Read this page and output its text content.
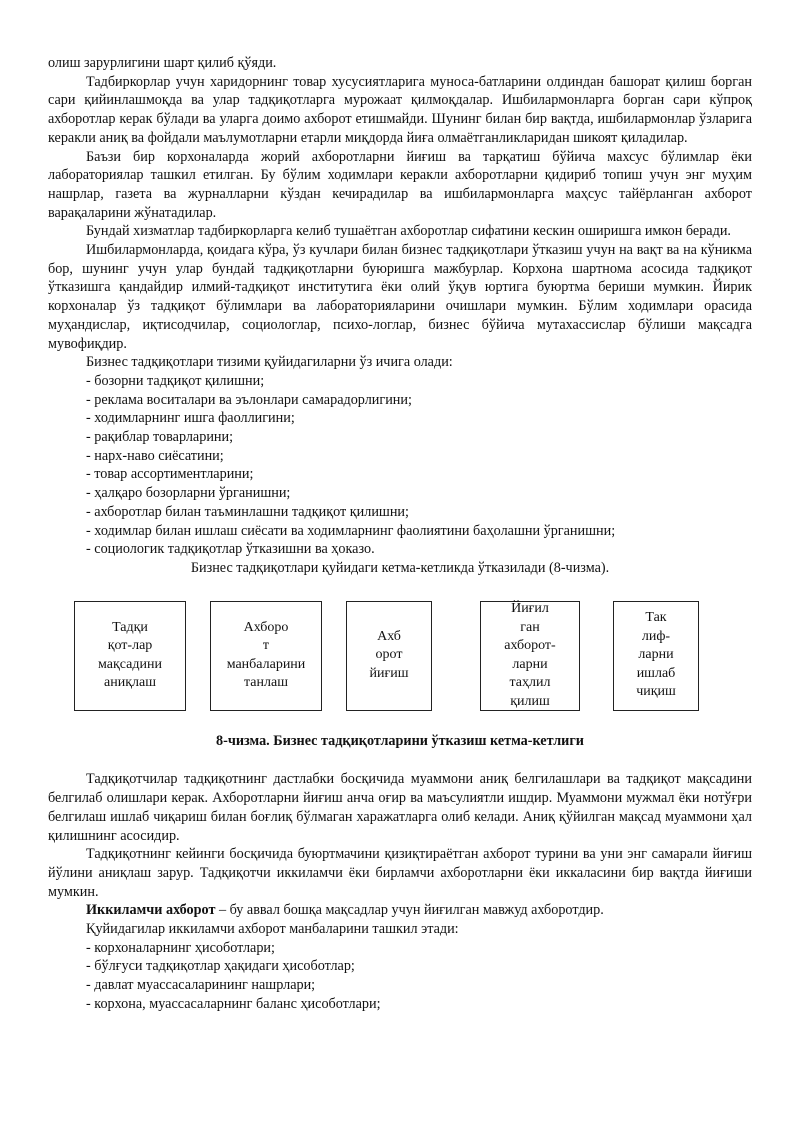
олиш зарурлигини шарт қилиб қўяди.

Тадбиркорлар учун харидорнинг товар хусусиятларига муноса-батларини олдиндан башорат қилиш борган сари қийинлашмоқда ва улар тадқиқотларга мурожаат қилмоқдалар. Ишбилармонларга борган сари кўпроқ ахборотлар керак бўлади ва уларга доимо ахборот етишмайди. Шунинг билан бир вақтда, ишбилармонлар ўзларига керакли аниқ ва фойдали маълумотларни етарли миқдорда йиға олмаётганликларидан шикоят қиладилар.

Баъзи бир корхоналарда жорий ахборотларни йиғиш ва тарқатиш бўйича махсус бўлимлар ёки лабораториялар ташкил етилган. Бу бўлим ходимлари керакли ахборотларни қидириб топиш учун энг муҳим нашрлар, газета ва журналларни кўздан кечирадилар ва ишбилармонларга маҳсус тайёрланган ахборот варақаларини жўнатадилар.

Бундай хизматлар тадбиркорларга келиб тушаётган ахборотлар сифатини кескин оширишга имкон беради.

Ишбилармонларда, қоидага кўра, ўз кучлари билан бизнес тадқиқотлари ўтказиш учун на вақт ва на кўникма бор, шунинг учун улар бундай тадқиқотларни буюришга мажбурлар. Корхона шартнома асосида тадқиқот ўтказишга қандайдир илмий-тадқиқот институтига ёки олий ўқув юртига буюртма бериши мумкин. Йирик корхоналар ўз тадқиқот бўлимлари ва лабораторияларини очишлари мумкин. Бўлим ходимлари орасида муҳандислар, иқтисодчилар, социологлар, психо-логлар, бизнес бўйича мутахассислар бўлиши мақсадга мувофиқдир.

Бизнес тадқиқотлари тизими қуйидагиларни ўз ичига олади:

- бозорни тадқиқот қилишни;
- реклама воситалари ва эълонлари самарадорлигини;
- ходимларнинг ишга фаоллигини;
- рақиблар товарларини;
- нарх-наво сиёсатини;
- товар ассортиментларини;
- ҳалқаро бозорларни ўрганишни;
- ахборотлар билан таъминлашни тадқиқот қилишни;
- ходимлар билан ишлаш сиёсати ва ходимларнинг фаолиятини баҳолашни ўрганишни;
- социологик тадқиқотлар ўтказишни ва ҳоказо.

Бизнес тадқиқотлари қуйидаги кетма-кетликда ўтказилади (8-чизма).

Тадқи
қот-лар
мақсадини
аниқлаш
Ахборо
т
манбаларини
танлаш
Ахб
орот
йиғиш
Йиғил
ган
ахборот-
ларни
таҳлил
қилиш
Так
лиф-
ларни
ишлаб
чиқиш

8-чизма. Бизнес тадқиқотларини ўтказиш кетма-кетлиги

Тадқиқотчилар тадқиқотнинг дастлабки босқичида муаммони аниқ белгилашлари ва тадқиқот мақсадини белгилаб олишлари керак. Ахборотларни йиғиш анча оғир ва маъсулиятли ишдир. Муаммони мужмал ёки нотўғри белгилаш ишлаб чиқариш билан боғлиқ бўлмаган харажатларга олиб келади. Аниқ қўйилган мақсад муаммони ҳал қилишнинг асосидир.

Тадқиқотнинг кейинги босқичида буюртмачини қизиқтираётган ахборот турини ва уни энг самарали йиғиш йўлини аниқлаш зарур. Тадқиқотчи иккиламчи ёки бирламчи ахборотларни ёки иккаласини бир вақтда йиғиши мумкин.

Иккиламчи ахборот – бу аввал бошқа мақсадлар учун йиғилган мавжуд ахборотдир.

Қуйидагилар иккиламчи ахборот манбаларини ташкил этади:

- корхоналарнинг ҳисоботлари;
- бўлғуси тадқиқотлар ҳақидаги ҳисоботлар;
- давлат муассасаларининг нашрлари;
- корхона, муассасаларнинг баланс ҳисоботлари;
